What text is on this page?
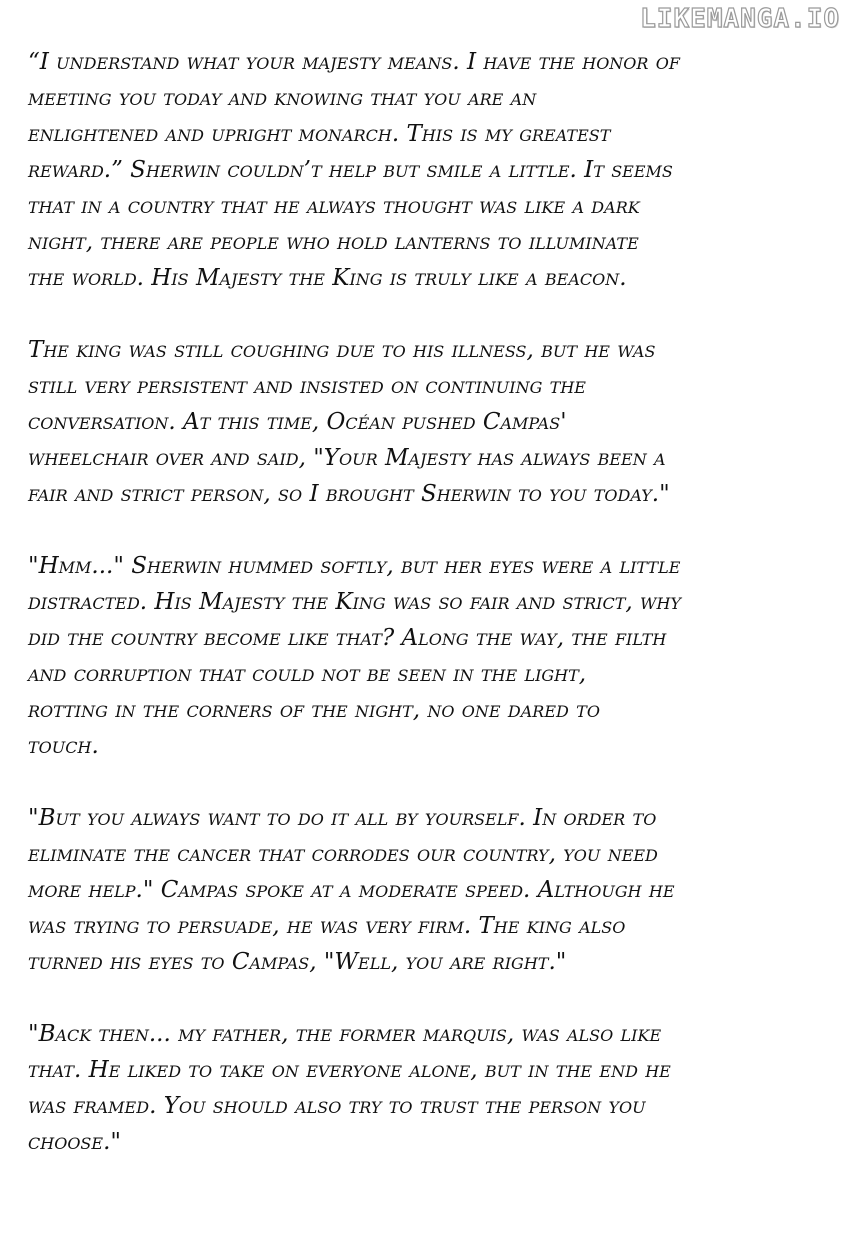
LIKEMANGA.IO

“I understand what your majesty means. I have the honor of
meeting you today and knowing that you are an
enlightened and upright monarch. This is my greatest
reward.” Sherwin couldn’t help but smile a little. It seems
that in a country that he always thought was like a dark
night, there are people who hold lanterns to illuminate
the world. His Majesty the King is truly like a beacon.

The king was still coughing due to his illness, but he was
still very persistent and insisted on continuing the
conversation. At this time, Océan pushed Campas'
wheelchair over and said, "Your Majesty has always been a
fair and strict person, so I brought Sherwin to you today."

"Hmm..." Sherwin hummed softly, but her eyes were a little
distracted. His Majesty the King was so fair and strict, why
did the country become like that? Along the way, the filth
and corruption that could not be seen in the light,
rotting in the corners of the night, no one dared to
touch.

"But you always want to do it all by yourself. In order to
eliminate the cancer that corrodes our country, you need
more help." Campas spoke at a moderate speed. Although he
was trying to persuade, he was very firm. The king also
turned his eyes to Campas, "Well, you are right."

"Back then... my father, the former marquis, was also like
that. He liked to take on everyone alone, but in the end he
was framed. You should also try to trust the person you
choose."
